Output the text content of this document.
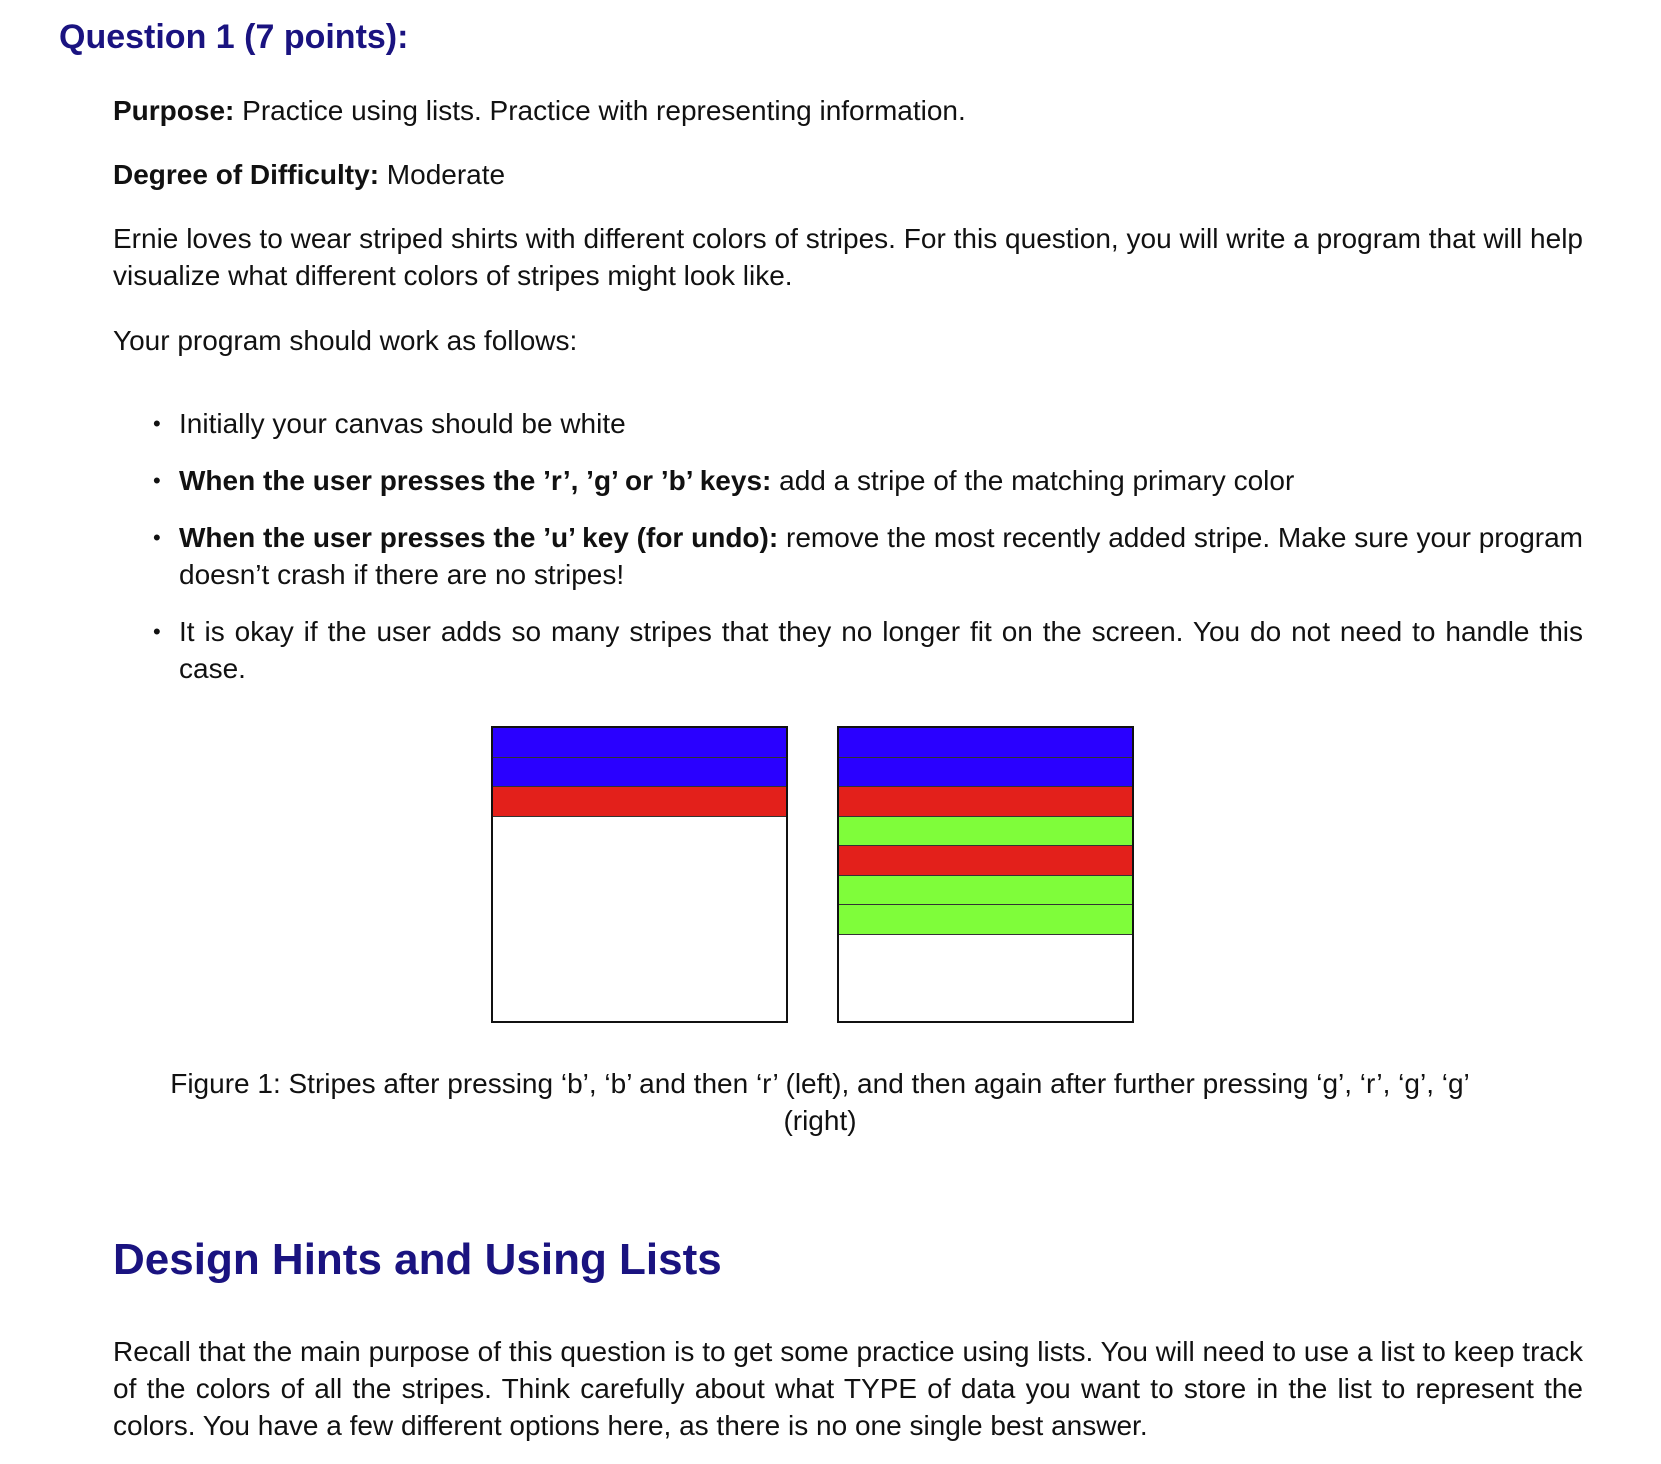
Question 1 (7 points):

Purpose: Practice using lists. Practice with representing information.

Degree of Difficulty: Moderate

Ernie loves to wear striped shirts with different colors of stripes. For this question, you will write a program that will help visualize what different colors of stripes might look like.

Your program should work as follows:

• Initially your canvas should be white
• When the user presses the ’r’, ’g’ or ’b’ keys: add a stripe of the matching primary color
• When the user presses the ’u’ key (for undo): remove the most recently added stripe. Make sure your program doesn’t crash if there are no stripes!
• It is okay if the user adds so many stripes that they no longer fit on the screen. You do not need to handle this case.

Figure 1: Stripes after pressing ‘b’, ‘b’ and then ‘r’ (left), and then again after further pressing ‘g’, ‘r’, ‘g’, ‘g’ (right)

Design Hints and Using Lists

Recall that the main purpose of this question is to get some practice using lists. You will need to use a list to keep track of the colors of all the stripes. Think carefully about what TYPE of data you want to store in the list to represent the colors. You have a few different options here, as there is no one single best answer.
